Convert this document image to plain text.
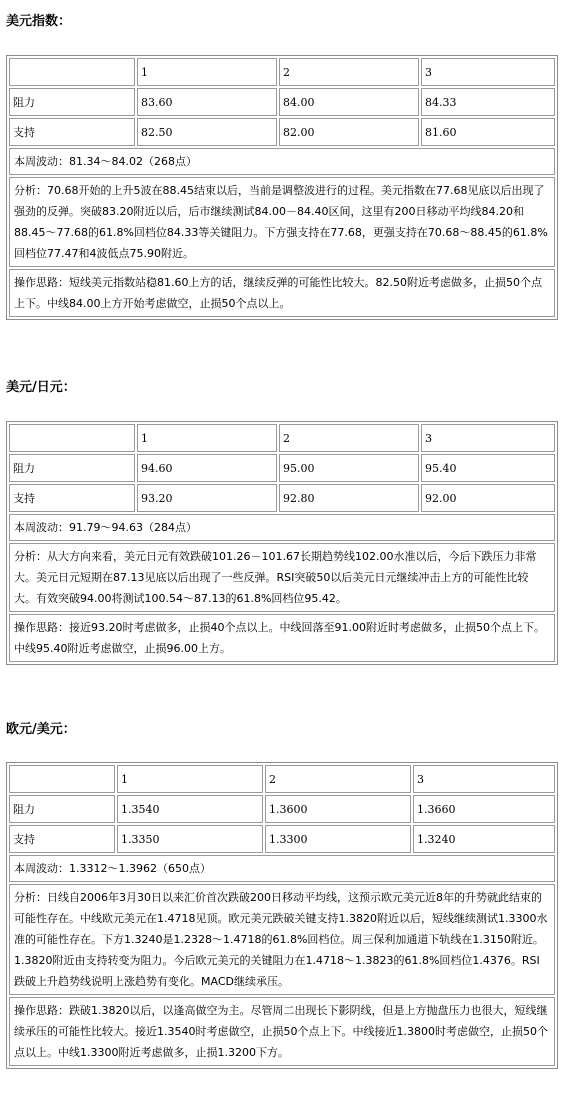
美元指数：
	1	2	3
阻力	83.60	84.00	84.33
支持	82.50	82.00	81.60
本周波动：81.34～84.02（268点）
分析：70.68开始的上升5波在88.45结束以后，当前是调整波进行的过程。美元指数在77.68见底以后出现了强劲的反弹。突破83.20附近以后，后市继续测试84.00－84.40区间，这里有200日移动平均线84.20和88.45～77.68的61.8%回档位84.33等关键阻力。下方强支持在77.68，更强支持在70.68～88.45的61.8%回档位77.47和4波低点75.90附近。
操作思路：短线美元指数站稳81.60上方的话，继续反弹的可能性比较大。82.50附近考虑做多，止损50个点上下。中线84.00上方开始考虑做空，止损50个点以上。
美元/日元：
	1	2	3
阻力	94.60	95.00	95.40
支持	93.20	92.80	92.00
本周波动：91.79～94.63（284点）
分析：从大方向来看，美元日元有效跌破101.26－101.67长期趋势线102.00水准以后，今后下跌压力非常大。美元日元短期在87.13见底以后出现了一些反弹。RSI突破50以后美元日元继续冲击上方的可能性比较大。有效突破94.00将测试100.54～87.13的61.8%回档位95.42。
操作思路：接近93.20时考虑做多，止损40个点以上。中线回落至91.00附近时考虑做多，止损50个点上下。中线95.40附近考虑做空，止损96.00上方。
欧元/美元：
	1	2	3
阻力	1.3540	1.3600	1.3660
支持	1.3350	1.3300	1.3240
本周波动：1.3312～1.3962（650点）
分析：日线自2006年3月30日以来汇价首次跌破200日移动平均线，这预示欧元美元近8年的升势就此结束的可能性存在。中线欧元美元在1.4718见顶。欧元美元跌破关键支持1.3820附近以后，短线继续测试1.3300水准的可能性存在。下方1.3240是1.2328～1.4718的61.8%回档位。周三保利加通道下轨线在1.3150附近。1.3820附近由支持转变为阻力。今后欧元美元的关键阻力在1.4718～1.3823的61.8%回档位1.4376。RSI跌破上升趋势线说明上涨趋势有变化。MACD继续承压。
操作思路：跌破1.3820以后，以逢高做空为主。尽管周二出现长下影阴线，但是上方抛盘压力也很大，短线继续承压的可能性比较大。接近1.3540时考虑做空，止损50个点上下。中线接近1.3800时考虑做空，止损50个点以上。中线1.3300附近考虑做多，止损1.3200下方。
